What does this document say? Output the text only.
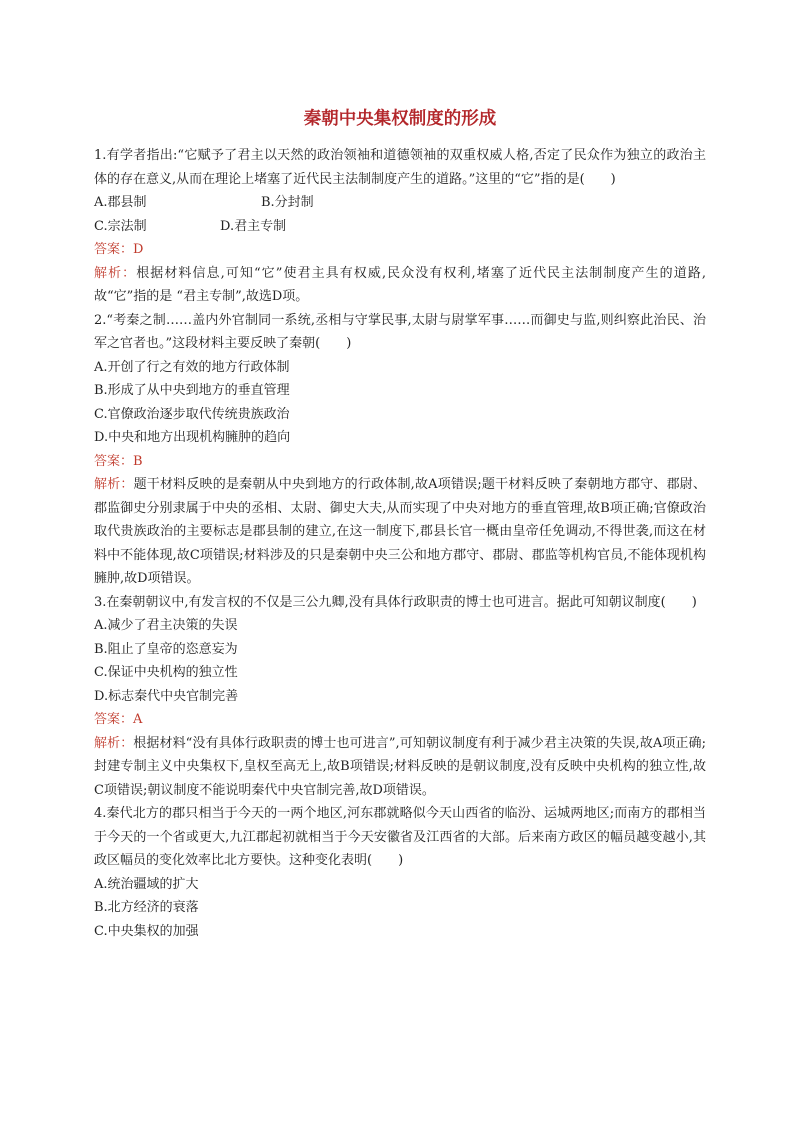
秦朝中央集权制度的形成

1.有学者指出:“它赋予了君主以天然的政治领袖和道德领袖的双重权威人格,否定了民众作为独立的政治主体的存在意义,从而在理论上堵塞了近代民主法制制度产生的道路。”这里的“它”指的是(　　)

A.郡县制	B.分封制
C.宗法制	D.君主专制

答案：D

解析：根据材料信息,可知“它”使君主具有权威,民众没有权利,堵塞了近代民主法制制度产生的道路,故“它”指的是 “君主专制”,故选D项。

2.“考秦之制……盖内外官制同一系统,丞相与守掌民事,太尉与尉掌军事……而御史与监,则纠察此治民、治军之官者也。”这段材料主要反映了秦朝(　　)

A.开创了行之有效的地方行政体制

B.形成了从中央到地方的垂直管理

C.官僚政治逐步取代传统贵族政治

D.中央和地方出现机构臃肿的趋向

答案：B

解析：题干材料反映的是秦朝从中央到地方的行政体制,故A项错误;题干材料反映了秦朝地方郡守、郡尉、郡监御史分别隶属于中央的丞相、太尉、御史大夫,从而实现了中央对地方的垂直管理,故B项正确;官僚政治取代贵族政治的主要标志是郡县制的建立,在这一制度下,郡县长官一概由皇帝任免调动,不得世袭,而这在材料中不能体现,故C项错误;材料涉及的只是秦朝中央三公和地方郡守、郡尉、郡监等机构官员,不能体现机构臃肿,故D项错误。

3.在秦朝朝议中,有发言权的不仅是三公九卿,没有具体行政职责的博士也可进言。据此可知朝议制度(　　)

A.减少了君主决策的失误

B.阻止了皇帝的恣意妄为

C.保证中央机构的独立性

D.标志秦代中央官制完善

答案：A

解析：根据材料“没有具体行政职责的博士也可进言”,可知朝议制度有利于减少君主决策的失误,故A项正确;封建专制主义中央集权下,皇权至高无上,故B项错误;材料反映的是朝议制度,没有反映中央机构的独立性,故C项错误;朝议制度不能说明秦代中央官制完善,故D项错误。

4.秦代北方的郡只相当于今天的一两个地区,河东郡就略似今天山西省的临汾、运城两地区;而南方的郡相当于今天的一个省或更大,九江郡起初就相当于今天安徽省及江西省的大部。后来南方政区的幅员越变越小,其政区幅员的变化效率比北方要快。这种变化表明(　　)

A.统治疆域的扩大

B.北方经济的衰落

C.中央集权的加强
